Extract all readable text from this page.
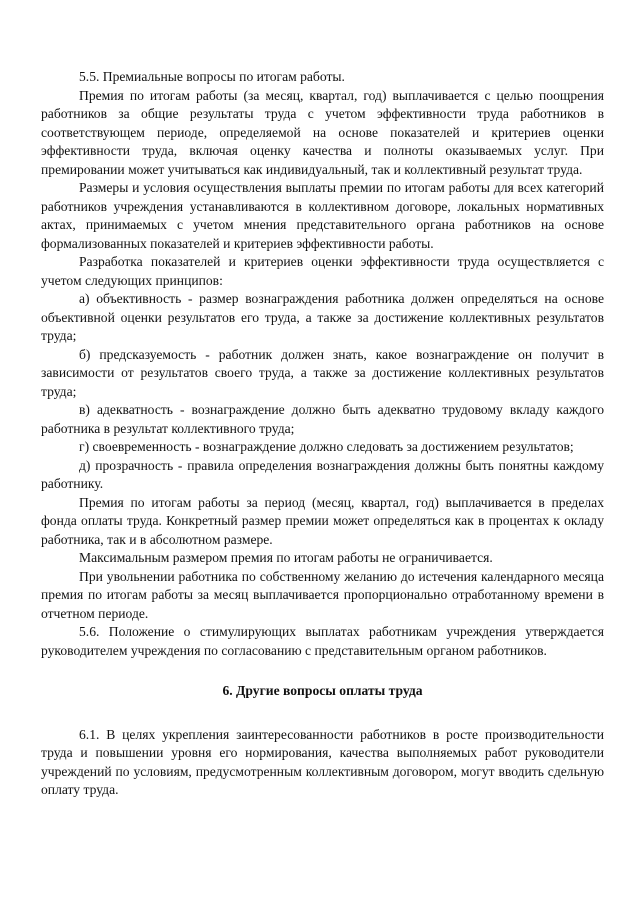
5.5. Премиальные вопросы по итогам работы.

Премия по итогам работы (за месяц, квартал, год) выплачивается с целью поощрения работников за общие результаты труда с учетом эффективности труда работников в соответствующем периоде, определяемой на основе показателей и критериев оценки эффективности труда, включая оценку качества и полноты оказываемых услуг. При премировании может учитываться как индивидуальный, так и коллективный результат труда.

Размеры и условия осуществления выплаты премии по итогам работы для всех категорий работников учреждения устанавливаются в коллективном договоре, локальных нормативных актах, принимаемых с учетом мнения представительного органа работников на основе формализованных показателей и критериев эффективности работы.

Разработка показателей и критериев оценки эффективности труда осуществляется с учетом следующих принципов:

а) объективность - размер вознаграждения работника должен определяться на основе объективной оценки результатов его труда, а также за достижение коллективных результатов труда;

б) предсказуемость - работник должен знать, какое вознаграждение он получит в зависимости от результатов своего труда, а также за достижение коллективных результатов труда;

в) адекватность - вознаграждение должно быть адекватно трудовому вкладу каждого работника в результат коллективного труда;

г) своевременность - вознаграждение должно следовать за достижением результатов;

д) прозрачность - правила определения вознаграждения должны быть понятны каждому работнику.

Премия по итогам работы за период (месяц, квартал, год) выплачивается в пределах фонда оплаты труда. Конкретный размер премии может определяться как в процентах к окладу работника, так и в абсолютном размере.

Максимальным размером премия по итогам работы не ограничивается.

При увольнении работника по собственному желанию до истечения календарного месяца премия по итогам работы за месяц выплачивается пропорционально отработанному времени в отчетном периоде.

5.6. Положение о стимулирующих выплатах работникам учреждения утверждается руководителем учреждения по согласованию с представительным органом работников.

6. Другие вопросы оплаты труда

6.1. В целях укрепления заинтересованности работников в росте производительности труда и повышении уровня его нормирования, качества выполняемых работ руководители учреждений по условиям, предусмотренным коллективным договором, могут вводить сдельную оплату труда.
